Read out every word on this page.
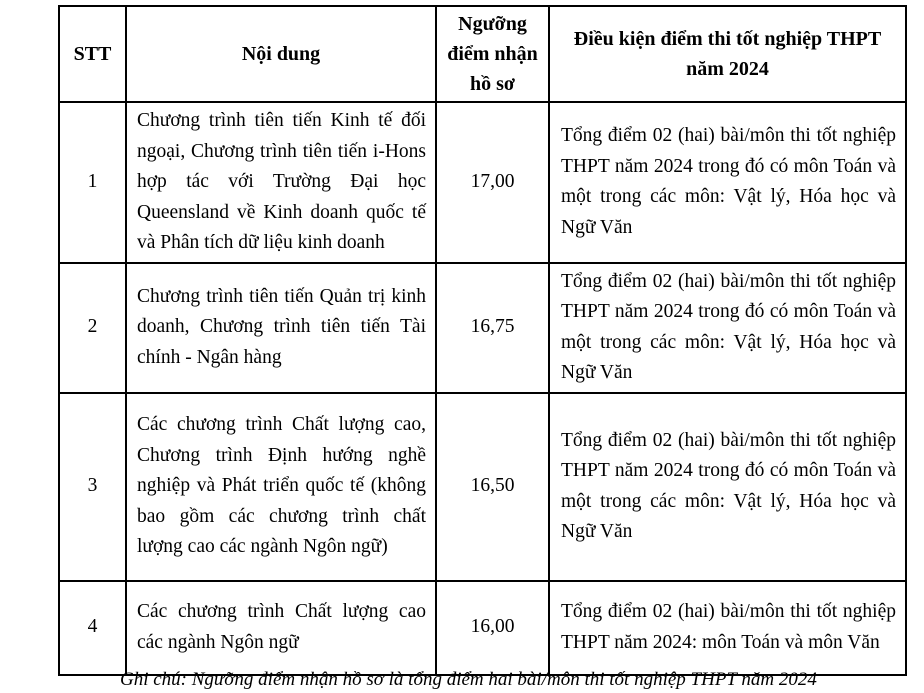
STT	Nội dung	Ngưỡng điểm nhận hồ sơ	Điều kiện điểm thi tốt nghiệp THPT năm 2024
1	Chương trình tiên tiến Kinh tế đối ngoại, Chương trình tiên tiến i-Hons hợp tác với Trường Đại học Queensland về Kinh doanh quốc tế và Phân tích dữ liệu kinh doanh	17,00	Tổng điểm 02 (hai) bài/môn thi tốt nghiệp THPT năm 2024 trong đó có môn Toán và một trong các môn: Vật lý, Hóa học và Ngữ Văn
2	Chương trình tiên tiến Quản trị kinh doanh, Chương trình tiên tiến Tài chính - Ngân hàng	16,75	Tổng điểm 02 (hai) bài/môn thi tốt nghiệp THPT năm 2024 trong đó có môn Toán và một trong các môn: Vật lý, Hóa học và Ngữ Văn
3	Các chương trình Chất lượng cao, Chương trình Định hướng nghề nghiệp và Phát triển quốc tế (không bao gồm các chương trình chất lượng cao các ngành Ngôn ngữ)	16,50	Tổng điểm 02 (hai) bài/môn thi tốt nghiệp THPT năm 2024 trong đó có môn Toán và một trong các môn: Vật lý, Hóa học và Ngữ Văn
4	Các chương trình Chất lượng cao các ngành Ngôn ngữ	16,00	Tổng điểm 02 (hai) bài/môn thi tốt nghiệp THPT năm 2024: môn Toán và môn Văn
Ghi chú: Ngưỡng điểm nhận hồ sơ là tổng điểm hai bài/môn thi tốt nghiệp THPT năm 2024
